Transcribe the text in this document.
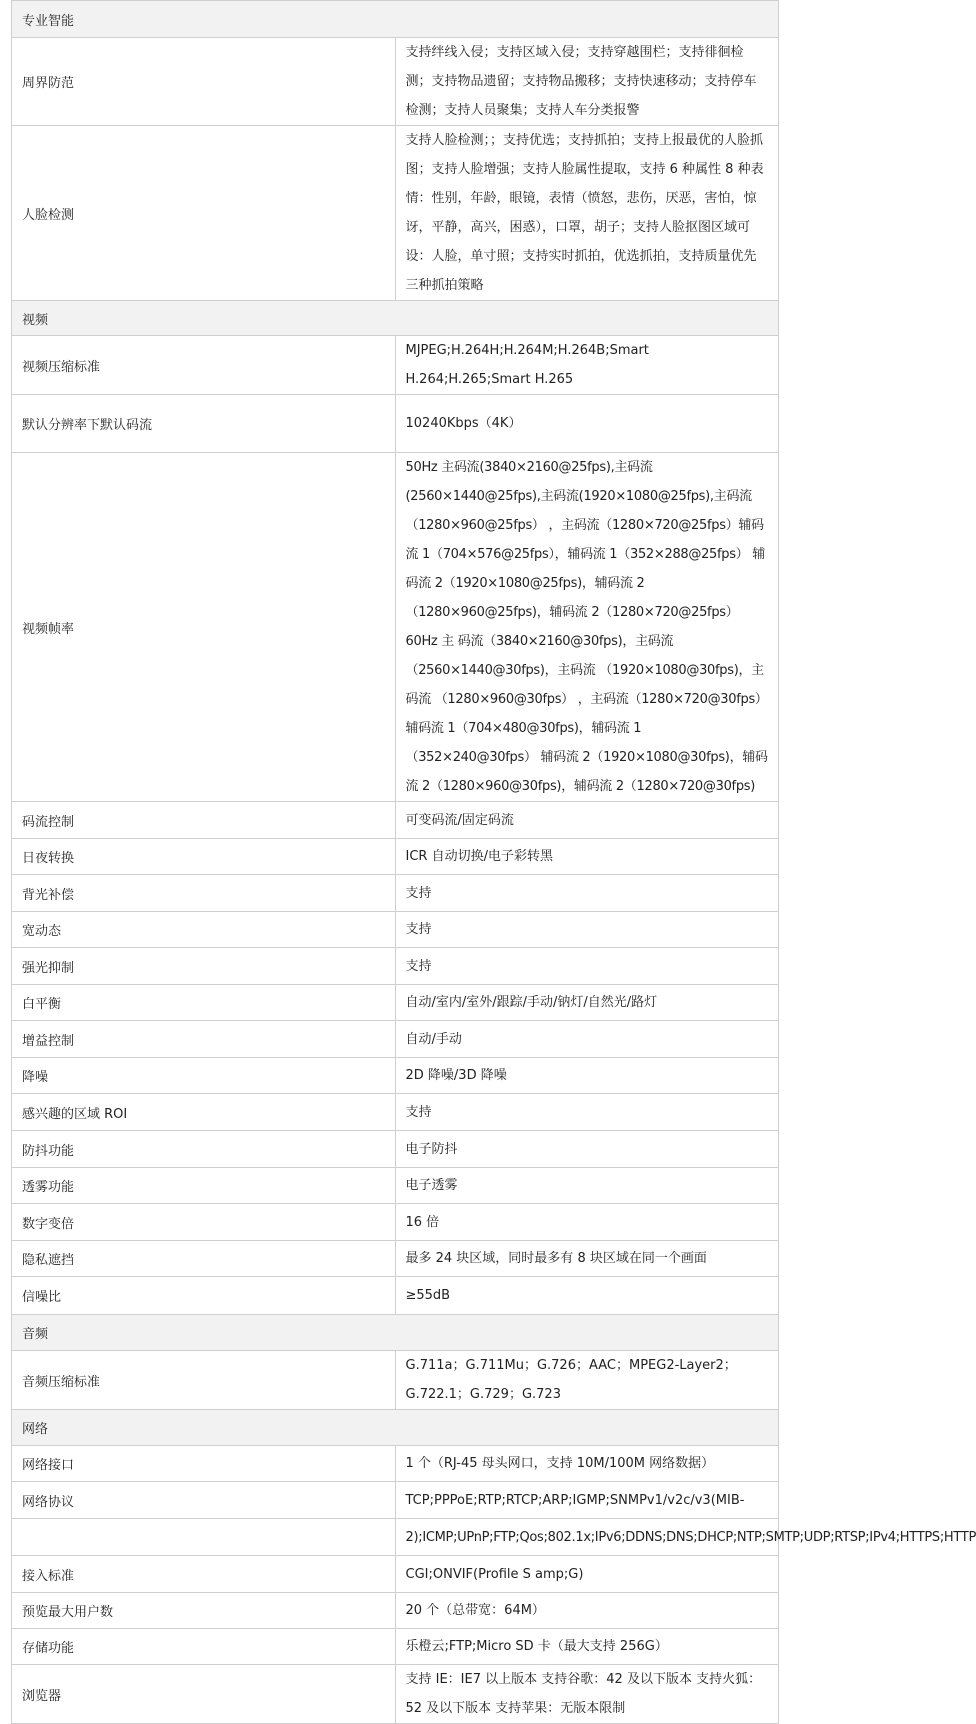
专业智能	
周界防范	支持绊线入侵；支持区域入侵；支持穿越围栏；支持徘徊检测；支持物品遗留；支持物品搬移；支持快速移动；支持停车检测；支持人员聚集；支持人车分类报警
人脸检测	支持人脸检测；；支持优选；支持抓拍；支持上报最优的人脸抓图；支持人脸增强；支持人脸属性提取，支持 6 种属性 8 种表情：性别，年龄，眼镜，表情（愤怒，悲伤，厌恶，害怕，惊讶，平静，高兴，困惑），口罩，胡子；支持人脸抠图区域可设：人脸，单寸照；支持实时抓拍，优选抓拍，支持质量优先三种抓拍策略
视频	
视频压缩标准	MJPEG;H.264H;H.264M;H.264B;Smart H.264;H.265;Smart H.265
默认分辨率下默认码流	10240Kbps（4K）
视频帧率	50Hz 主码流(3840×2160@25fps),主码流(2560×1440@25fps),主码流(1920×1080@25fps),主码流（1280×960@25fps） ，主码流（1280×720@25fps）辅码流 1（704×576@25fps），辅码流 1（352×288@25fps） 辅码流 2（1920×1080@25fps)，辅码流 2（1280×960@25fps)，辅码流 2（1280×720@25fps） 60Hz 主 码流（3840×2160@30fps)，主码流（2560×1440@30fps)，主码流 （1920×1080@30fps)，主码流 （1280×960@30fps） ，主码流（1280×720@30fps）辅码流 1（704×480@30fps)，辅码流 1（352×240@30fps） 辅码流 2（1920×1080@30fps)，辅码流 2（1280×960@30fps)，辅码流 2（1280×720@30fps)
码流控制	可变码流/固定码流
日夜转换	ICR 自动切换/电子彩转黑
背光补偿	支持
宽动态	支持
强光抑制	支持
白平衡	自动/室内/室外/跟踪/手动/钠灯/自然光/路灯
增益控制	自动/手动
降噪	2D 降噪/3D 降噪
感兴趣的区域 ROI	支持
防抖功能	电子防抖
透雾功能	电子透雾
数字变倍	16 倍
隐私遮挡	最多 24 块区域，同时最多有 8 块区域在同一个画面
信噪比	≥55dB
音频	
音频压缩标准	G.711a；G.711Mu；G.726；AAC；MPEG2-Layer2；G.722.1；G.729；G.723
网络	
网络接口	1 个（RJ-45 母头网口，支持 10M/100M 网络数据）
网络协议	TCP;PPPoE;RTP;RTCP;ARP;IGMP;SNMPv1/v2c/v3(MIB-
	2);ICMP;UPnP;FTP;Qos;802.1x;IPv6;DDNS;DNS;DHCP;NTP;SMTP;UDP;RTSP;IPv4;HTTPS;HTTP
接入标准	CGI;ONVIF(Profile S amp;G)
预览最大用户数	20 个（总带宽：64M）
存储功能	乐橙云;FTP;Micro SD 卡（最大支持 256G）
浏览器	支持 IE：IE7 以上版本 支持谷歌：42 及以下版本 支持火狐：52 及以下版本 支持苹果：无版本限制
